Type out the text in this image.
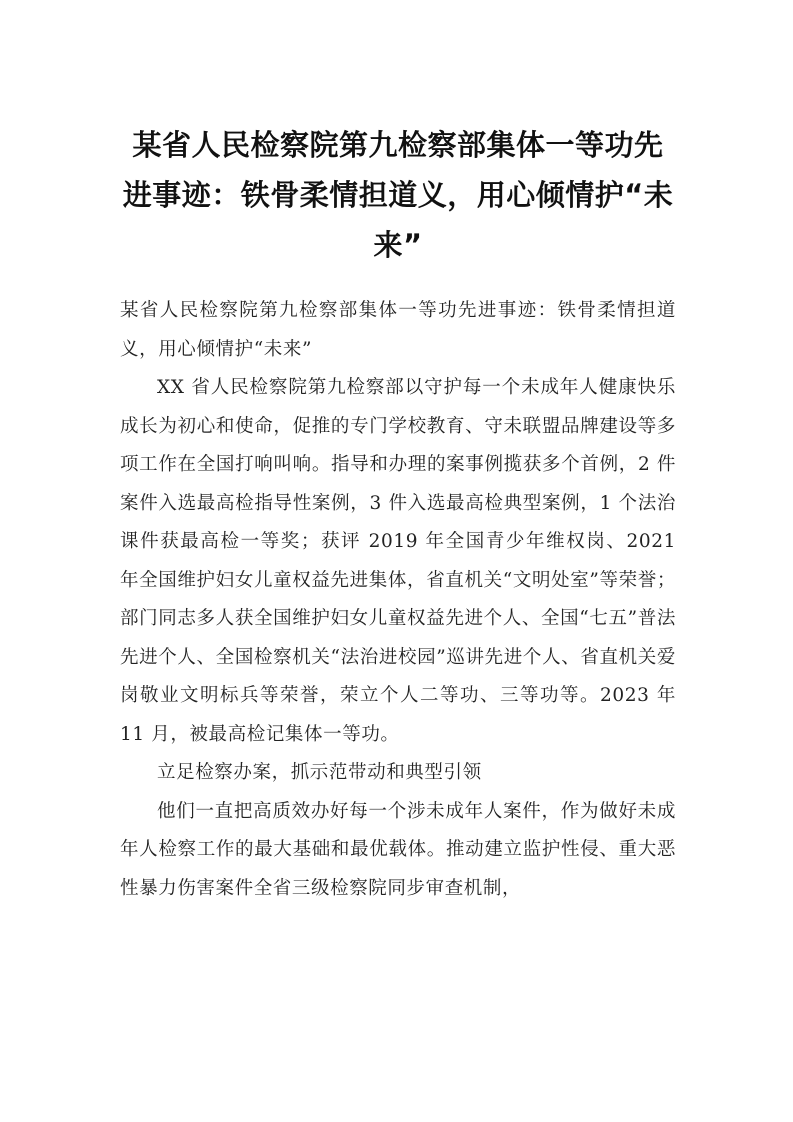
某省人民检察院第九检察部集体一等功先进事迹：铁骨柔情担道义，用心倾情护“未来”

某省人民检察院第九检察部集体一等功先进事迹：铁骨柔情担道义，用心倾情护“未来”

XX 省人民检察院第九检察部以守护每一个未成年人健康快乐成长为初心和使命，促推的专门学校教育、守未联盟品牌建设等多项工作在全国打响叫响。指导和办理的案事例揽获多个首例，2 件案件入选最高检指导性案例，3 件入选最高检典型案例，1 个法治课件获最高检一等奖；获评 2019 年全国青少年维权岗、2021 年全国维护妇女儿童权益先进集体，省直机关“文明处室”等荣誉；部门同志多人获全国维护妇女儿童权益先进个人、全国“七五”普法先进个人、全国检察机关“法治进校园”巡讲先进个人、省直机关爱岗敬业文明标兵等荣誉，荣立个人二等功、三等功等。2023 年 11 月，被最高检记集体一等功。

立足检察办案，抓示范带动和典型引领

他们一直把高质效办好每一个涉未成年人案件，作为做好未成年人检察工作的最大基础和最优载体。推动建立监护性侵、重大恶性暴力伤害案件全省三级检察院同步审查机制，
